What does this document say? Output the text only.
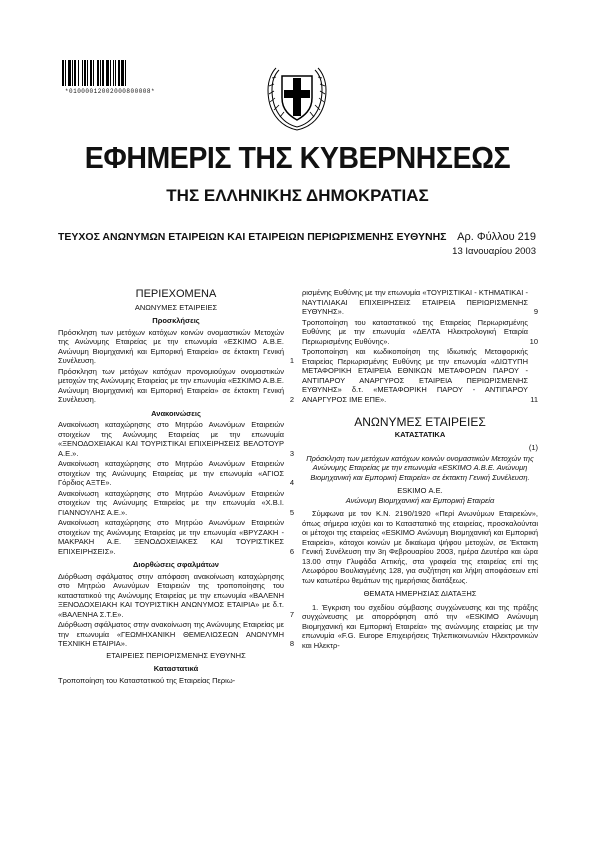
*01000012002000800008*
ΕΦΗΜΕΡΙΣ ΤΗΣ ΚΥΒΕΡΝΗΣΕΩΣ
ΤΗΣ ΕΛΛΗΝΙΚΗΣ ΔΗΜΟΚΡΑΤΙΑΣ
ΤΕΥΧΟΣ ΑΝΩΝΥΜΩΝ ΕΤΑΙΡΕΙΩΝ ΚΑΙ ΕΤΑΙΡΕΙΩΝ ΠΕΡΙΩΡΙΣΜΕΝΗΣ ΕΥΘΥΝΗΣ Αρ. Φύλλου 219
13 Ιανουαρίου 2003
ΠΕΡΙΕΧΟΜΕΝΑ
ΑΝΩΝΥΜΕΣ ΕΤΑΙΡΕΙΕΣ
Προσκλήσεις
Πρόσκληση των μετόχων κατόχων κοινών ονομαστικών Μετοχών της Ανώνυμης Εταιρείας με την επωνυμία «ΕΣΚΙΜΟ Α.Β.Ε. Ανώνυμη Βιομηχανική και Εμπορική Εταιρεία» σε έκτακτη Γενική Συνέλευση.	1
Πρόσκληση των μετόχων κατόχων προνομιούχων ονομαστικών μετοχών της Ανώνυμης Εταιρείας με την επωνυμία «ΕΣΚΙΜΟ Α.Β.Ε. Ανώνυμη Βιομηχανική και Εμπορική Εταιρεία» σε έκτακτη Γενική Συνέλευση.	2
Ανακοινώσεις
Ανακοίνωση καταχώρησης στο Μητρώο Ανωνύμων Εταιρειών στοιχείων της Ανώνυμης Εταιρείας με την επωνυμία «ΞΕΝΟΔΟΧΕΙΑΚΑΙ ΚΑΙ ΤΟΥΡΙΣΤΙΚΑΙ ΕΠΙΧΕΙΡΗΣΕΙΣ ΒΕΛΟΤΟΥΡ Α.Ε.».	3
Ανακοίνωση καταχώρησης στο Μητρώο Ανωνύμων Εταιρειών στοιχείων της Ανώνυμης Εταιρείας με την επωνυμία «ΑΓΙΟΣ Γόρδιος ΑΞΤΕ».	4
Ανακοίνωση καταχώρησης στο Μητρώο Ανωνύμων Εταιρειών στοιχείων της Ανώνυμης Εταιρείας με την επωνυμία «Χ.Β.Ι. ΓΙΑΝΝΟΥΛΗΣ Α.Ε.».	5
Ανακοίνωση καταχώρησης στο Μητρώο Ανωνύμων Εταιρειών στοιχείων της Ανώνυμης Εταιρείας με την επωνυμία «ΒΡΥΖΑΚΗ - ΜΑΚΡΑΚΗ Α.Ε. ΞΕΝΟΔΟΧΕΙΑΚΕΣ ΚΑΙ ΤΟΥΡΙΣΤΙΚΕΣ ΕΠΙΧΕΙΡΗΣΕΙΣ».	6
Διορθώσεις σφαλμάτων
Διόρθωση σφάλματος στην απόφαση ανακοίνωση καταχώρησης στο Μητρώο Ανωνύμων Εταιρειών της τροποποίησης του καταστατικού της Ανώνυμης Εταιρείας με την επωνυμία «ΒΑΛΕΝΗ ΞΕΝΟΔΟΧΕΙΑΚΗ ΚΑΙ ΤΟΥΡΙΣΤΙΚΗ ΑΝΩΝΥΜΟΣ ΕΤΑΙΡΙΑ» με δ.τ. «ΒΑΛΕΝΗΑ Σ.Τ.Ε».	7
Διόρθωση σφάλματος στην ανακοίνωση της Ανώνυμης Εταιρείας με την επωνυμία «ΓΕΩΜΗΧΑΝΙΚΗ ΘΕΜΕΛΙΩΣΕΩΝ ΑΝΩΝΥΜΗ ΤΕΧΝΙΚΗ ΕΤΑΙΡΙΑ».	8
ΕΤΑΙΡΕΙΕΣ ΠΕΡΙΟΡΙΣΜΕΝΗΣ ΕΥΘΥΝΗΣ
Καταστατικά

Τροποποίηση του Καταστατικού της Εταιρείας Περιω-

ρισμένης Ευθύνης με την επωνυμία «ΤΟΥΡΙΣΤΙΚΑΙ - ΚΤΗΜΑΤΙΚΑΙ - ΝΑΥΤΙΛΙΑΚΑΙ ΕΠΙΧΕΙΡΗΣΕΙΣ ΕΤΑΙΡΕΙΑ ΠΕΡΙΩΡΙΣΜΕΝΗΣ ΕΥΘΥΝΗΣ».	9
Τροποποίηση του καταστατικού της Εταιρείας Περιωρισμένης Ευθύνης με την επωνυμία «ΔΕΛΤΑ Ηλεκτρολογική Εταιρία Περιωρισμένης Ευθύνης».	10
Τροποποίηση και κωδικοποίηση της Ιδιωτικής Μεταφορικής Εταιρείας Περιωρισμένης Ευθύνης με την επωνυμία «ΔΙΩΤΥΠΗ ΜΕΤΑΦΟΡΙΚΗ ΕΤΑΙΡΕΙΑ ΕΘΝΙΚΩΝ ΜΕΤΑΦΟΡΩΝ ΠΑΡΟΥ - ΑΝΤΙΠΑΡΟΥ ΑΝΑΡΓΥΡΟΣ ΕΤΑΙΡΕΙΑ ΠΕΡΙΩΡΙΣΜΕΝΗΣ ΕΥΘΥΝΗΣ» δ.τ. «ΜΕΤΑΦΟΡΙΚΗ ΠΑΡΟΥ - ΑΝΤΙΠΑΡΟΥ ΑΝΑΡΓΥΡΟΣ ΙΜΕ ΕΠΕ».	11
ΑΝΩΝΥΜΕΣ ΕΤΑΙΡΕΙΕΣ
ΚΑΤΑΣΤΑΤΙΚΑ
(1)

Πρόσκληση των μετόχων κατόχων κοινών ονομαστικών Μετοχών της Ανώνυμης Εταιρείας με την επωνυμία «ESKIMO Α.Β.Ε. Ανώνυμη Βιομηχανική και Εμπορική Εταιρεία» σε έκτακτη Γενική Συνέλευση.

ESKIMO Α.Ε.

Ανώνυμη Βιομηχανική και Εμπορική Εταιρεία

Σύμφωνα με τον Κ.Ν. 2190/1920 «Περί Ανωνύμων Εταιρειών», όπως σήμερα ισχύει και το Καταστατικό της εταιρείας, προσκαλούνται οι μέτοχοι της εταιρείας «ESKIMO Ανώνυμη Βιομηχανική και Εμπορική Εταιρεία», κάτοχοι κοινών με δικαίωμα ψήφου μετοχών, σε Έκτακτη Γενική Συνέλευση την 3η Φεβρουαρίου 2003, ημέρα Δευτέρα και ώρα 13.00 στην Γλυφάδα Αττικής, στα γραφεία της εταιρείας επί της Λεωφόρου Βουλιαγμένης 128, για συζήτηση και λήψη αποφάσεων επί των κατωτέρω θεμάτων της ημερήσιας διατάξεως.

ΘΕΜΑΤΑ ΗΜΕΡΗΣΙΑΣ ΔΙΑΤΑΞΗΣ

1. Έγκριση του σχεδίου σύμβασης συγχώνευσης και της πράξης συγχώνευσης με απορρόφηση από την «ESKIMO Ανώνυμη Βιομηχανική και Εμπορική Εταιρεία» της ανώνυμης εταιρείας με την επωνυμία «F.G. Europe Επιχειρήσεις Τηλεπικοινωνιών Ηλεκτρονικών και Ηλεκτρ-
